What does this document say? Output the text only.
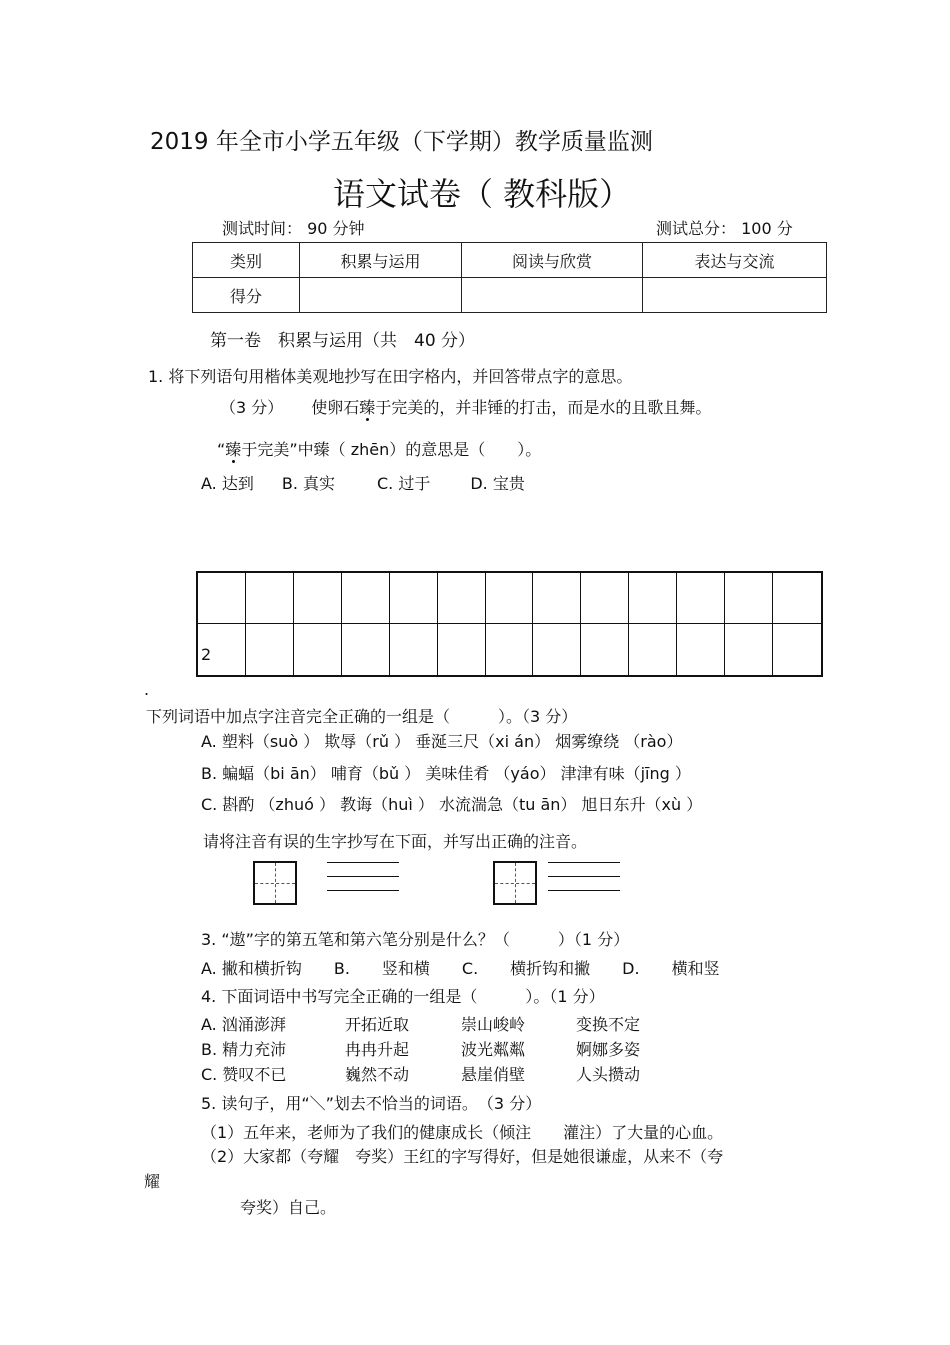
2019 年全市小学五年级（下学期）教学质量监测
语文试卷（ 教科版）
测试时间： 90 分钟	测试总分： 100 分
类别	积累与运用	阅读与欣赏	表达与交流
得分			
第一卷　积累与运用（共　40 分）
1. 将下列语句用楷体美观地抄写在田字格内，并回答带点字的意思。
（3 分） 使卵石臻于完美的，并非锤的打击，而是水的且歌且舞。
“臻于完美”中臻（ zhēn）的意思是（　　）。
A. 达到 B. 真实	C. 过于	D. 宝贵
2
.
下列词语中加点字注音完全正确的一组是（　　　）。（3 分）
A. 塑料（suò ） 欺辱（rǔ ） 垂涎三尺（xi án） 烟雾缭绕 （rào）
B. 蝙蝠（bi ān） 哺育（bǔ ） 美味佳肴 （yáo） 津津有味（jīng ）
C. 斟酌 （zhuó ） 教诲（huì ） 水流湍急（tu ān） 旭日东升（xù ）
请将注音有误的生字抄写在下面，并写出正确的注音。
3. “遨”字的第五笔和第六笔分别是什么？（　　　）（1 分）
A. 撇和横折钩　　B.　　竖和横　　C.　　横折钩和撇　　D.　　横和竖
4. 下面词语中书写完全正确的一组是（　　　）。（1 分）
A. 汹涌澎湃	开拓近取	崇山峻岭	变换不定
B. 精力充沛	冉冉升起	波光粼粼	婀娜多姿
C. 赞叹不已	巍然不动	悬崖俏壁	人头攒动
5. 读句子，用“＼”划去不恰当的词语。　（3 分）
（1）五年来，老师为了我们的健康成长（倾注　　灌注）了大量的心血。
（2）大家都（夸耀　夸奖）王红的字写得好，但是她很谦虚，从来不（夸
耀
夸奖）自己。
